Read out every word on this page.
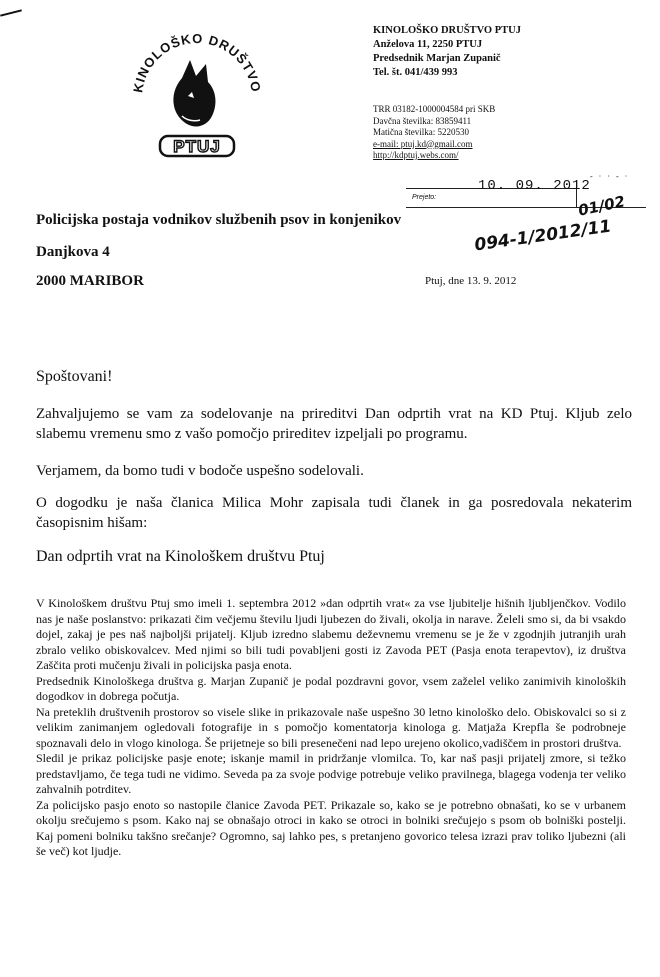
KINOLOŠKO DRUŠTVO
PTUJ
KINOLOŠKO DRUŠTVO PTUJ
Anželova 11, 2250 PTUJ
Predsednik Marjan Zupanič
Tel. št. 041/439 993
TRR 03182-1000004584 pri SKB
Davčna številka: 83859411
Matična številka: 5220530
e-mail: ptuj.kd@gmail.com
http://kdptuj.webs.com/
Prejeto:
10. 09. 2012
- · · - ·
01/02
094-1/2012/11
Policijska postaja vodnikov službenih psov in konjenikov
Danjkova 4
2000 MARIBOR	Ptuj, dne 13. 9. 2012
Spoštovani!
Zahvaljujemo se vam za sodelovanje na prireditvi Dan odprtih vrat na KD Ptuj. Kljub zelo slabemu vremenu smo z vašo pomočjo prireditev izpeljali po programu.
Verjamem, da bomo tudi v bodoče uspešno sodelovali.
O dogodku je naša članica Milica Mohr zapisala tudi članek in ga posredovala nekaterim časopisnim hišam:
Dan odprtih vrat na Kinološkem društvu Ptuj

V Kinološkem društvu Ptuj smo imeli 1. septembra 2012 »dan odprtih vrat« za vse ljubitelje hišnih ljubljenčkov. Vodilo nas je naše poslanstvo: prikazati čim večjemu številu ljudi ljubezen do živali, okolja in narave. Želeli smo si, da bi vsakdo dojel, zakaj je pes naš najboljši prijatelj. Kljub izredno slabemu deževnemu vremenu se je že v zgodnjih jutranjih urah zbralo veliko obiskovalcev. Med njimi so bili tudi povabljeni gosti iz Zavoda PET (Pasja enota terapevtov), iz društva Zaščita proti mučenju živali in policijska pasja enota.

Predsednik Kinološkega društva g. Marjan Zupanič je podal pozdravni govor, vsem zaželel veliko zanimivih kinoloških dogodkov in dobrega počutja.

Na preteklih društvenih prostorov so visele slike in prikazovale naše uspešno 30 letno kinološko delo. Obiskovalci so si z velikim zanimanjem ogledovali fotografije in s pomočjo komentatorja kinologa g. Matjaža Krepfla še podrobneje spoznavali delo in vlogo kinologa. Še prijetneje so bili presenečeni nad lepo urejeno okolico,vadiščem in prostori društva.

Sledil je prikaz policijske pasje enote; iskanje mamil in pridržanje vlomilca. To, kar naš pasji prijatelj zmore, si težko predstavljamo, če tega tudi ne vidimo. Seveda pa za svoje podvige potrebuje veliko pravilnega, blagega vodenja ter veliko zahvalnih potrditev.

Za policijsko pasjo enoto so nastopile članice Zavoda PET. Prikazale so, kako se je potrebno obnašati, ko se v urbanem okolju srečujemo s psom. Kako naj se obnašajo otroci in kako se otroci in bolniki srečujejo s psom ob bolniški postelji. Kaj pomeni bolniku takšno srečanje? Ogromno, saj lahko pes, s pretanjeno govorico telesa izrazi prav toliko ljubezni (ali še več) kot ljudje.
